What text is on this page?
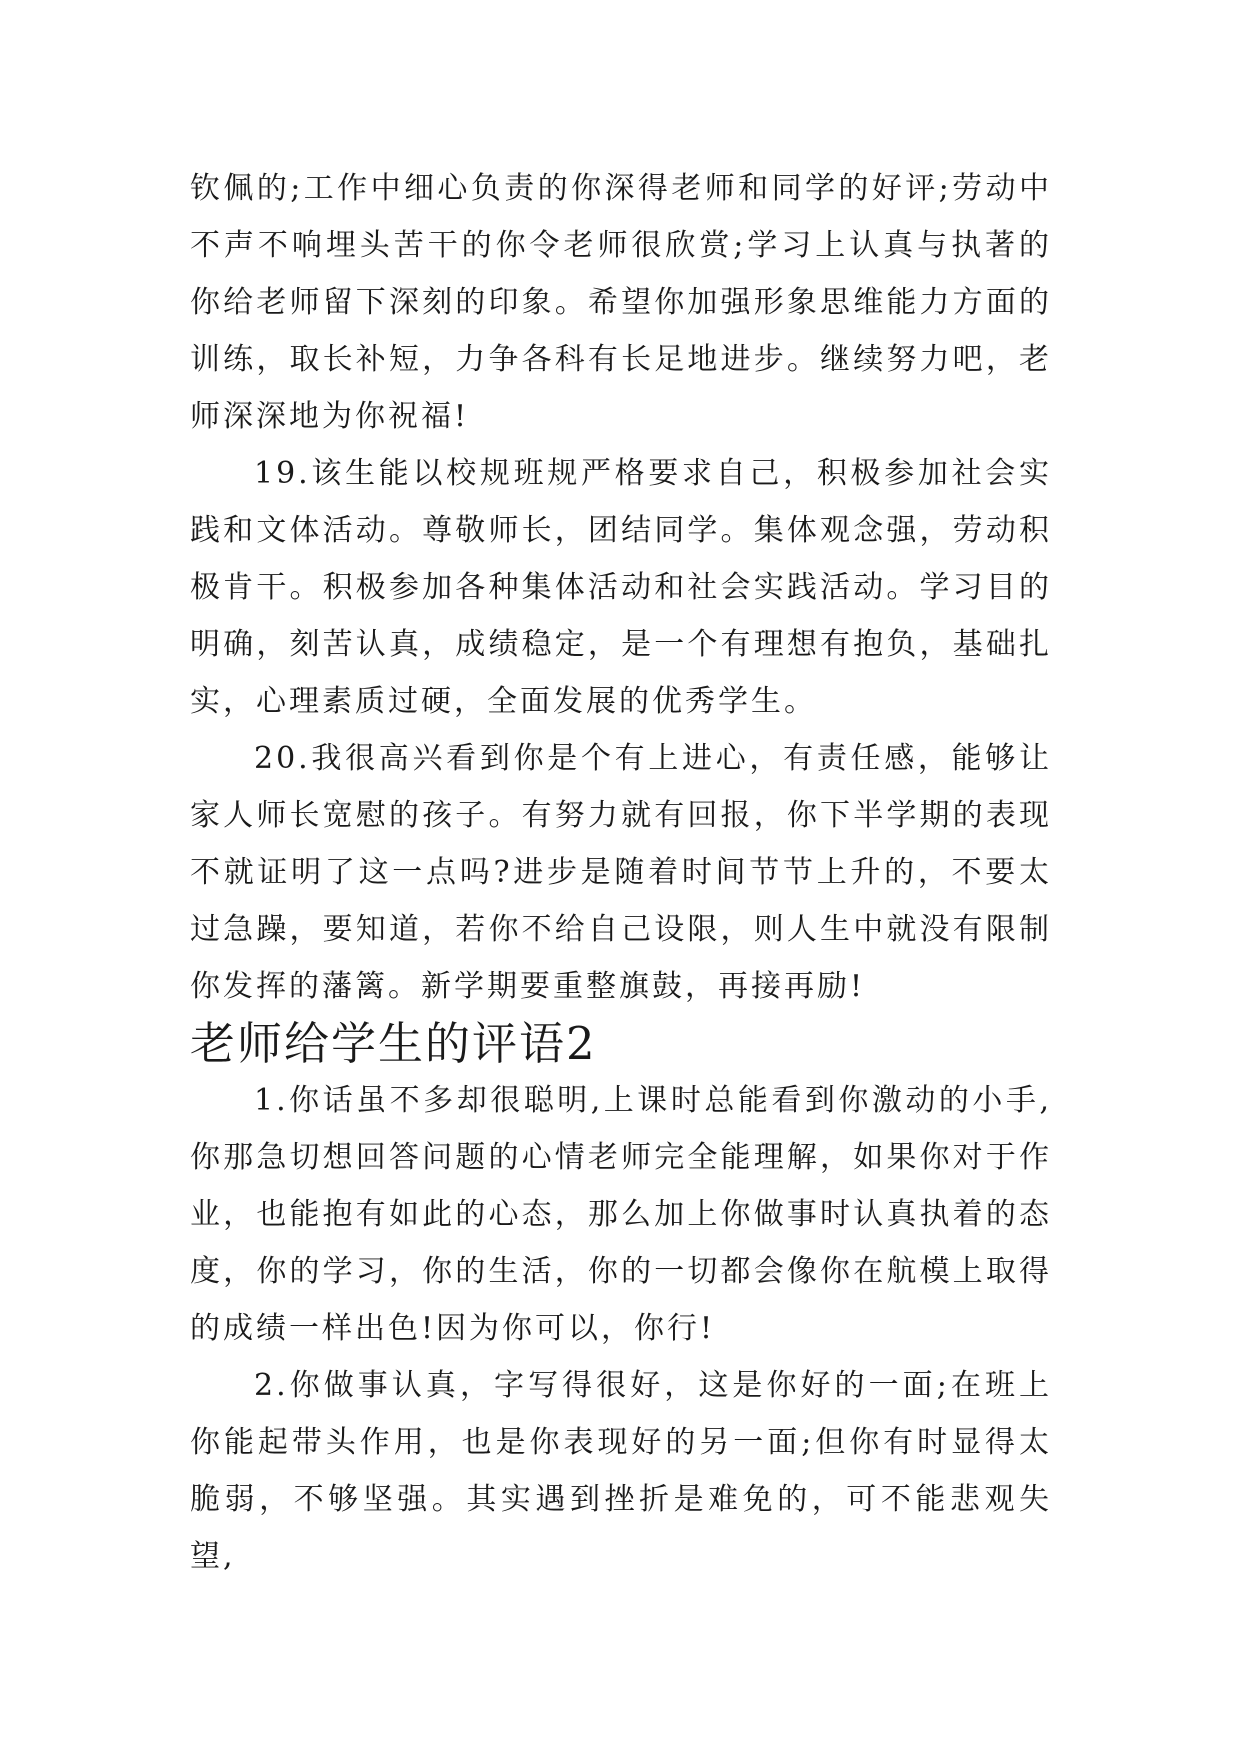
钦佩的;工作中细心负责的你深得老师和同学的好评;劳动中不声不响埋头苦干的你令老师很欣赏;学习上认真与执著的你给老师留下深刻的印象。希望你加强形象思维能力方面的训练，取长补短，力争各科有长足地进步。继续努力吧，老师深深地为你祝福!

19.该生能以校规班规严格要求自己，积极参加社会实践和文体活动。尊敬师长，团结同学。集体观念强，劳动积极肯干。积极参加各种集体活动和社会实践活动。学习目的明确，刻苦认真，成绩稳定，是一个有理想有抱负，基础扎实，心理素质过硬，全面发展的优秀学生。

20.我很高兴看到你是个有上进心，有责任感，能够让家人师长宽慰的孩子。有努力就有回报，你下半学期的表现不就证明了这一点吗?进步是随着时间节节上升的，不要太过急躁，要知道，若你不给自己设限，则人生中就没有限制你发挥的藩篱。新学期要重整旗鼓，再接再励!

老师给学生的评语2

1.你话虽不多却很聪明,上课时总能看到你激动的小手,你那急切想回答问题的心情老师完全能理解，如果你对于作业，也能抱有如此的心态，那么加上你做事时认真执着的态度，你的学习，你的生活，你的一切都会像你在航模上取得的成绩一样出色!因为你可以，你行!

2.你做事认真，字写得很好，这是你好的一面;在班上你能起带头作用，也是你表现好的另一面;但你有时显得太脆弱，不够坚强。其实遇到挫折是难免的，可不能悲观失望,
